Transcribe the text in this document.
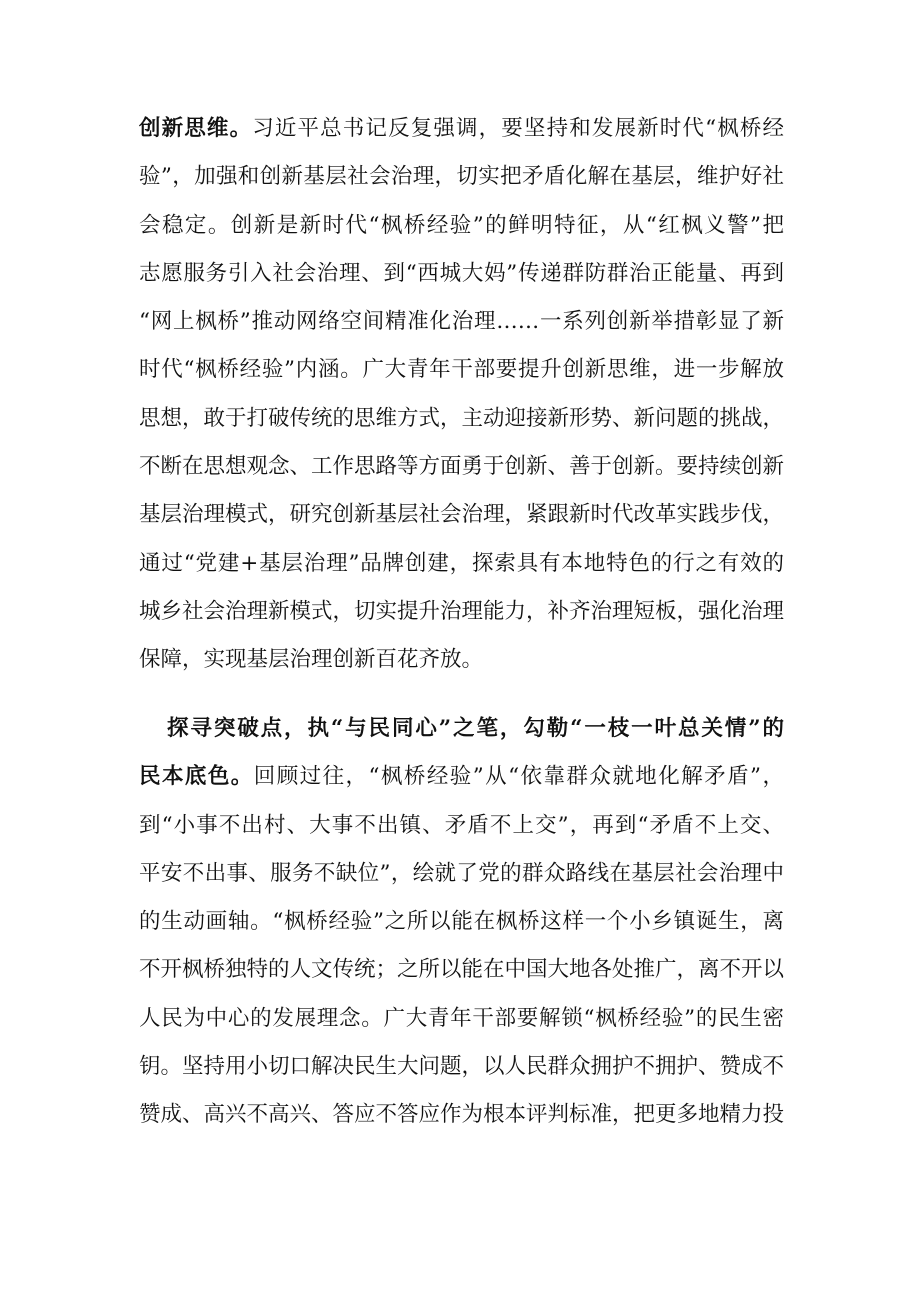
创新思维。习近平总书记反复强调，要坚持和发展新时代“枫桥经
验”，加强和创新基层社会治理，切实把矛盾化解在基层，维护好社
会稳定。创新是新时代“枫桥经验”的鲜明特征，从“红枫义警”把
志愿服务引入社会治理、到“西城大妈”传递群防群治正能量、再到
“网上枫桥”推动网络空间精准化治理……一系列创新举措彰显了新
时代“枫桥经验”内涵。广大青年干部要提升创新思维，进一步解放
思想，敢于打破传统的思维方式，主动迎接新形势、新问题的挑战，
不断在思想观念、工作思路等方面勇于创新、善于创新。要持续创新
基层治理模式，研究创新基层社会治理，紧跟新时代改革实践步伐，
通过“党建+基层治理”品牌创建，探索具有本地特色的行之有效的
城乡社会治理新模式，切实提升治理能力，补齐治理短板，强化治理
保障，实现基层治理创新百花齐放。
探寻突破点，执“与民同心”之笔，勾勒“一枝一叶总关情”的
民本底色。回顾过往，“枫桥经验”从“依靠群众就地化解矛盾”，
到“小事不出村、大事不出镇、矛盾不上交”，再到“矛盾不上交、
平安不出事、服务不缺位”，绘就了党的群众路线在基层社会治理中
的生动画轴。“枫桥经验”之所以能在枫桥这样一个小乡镇诞生，离
不开枫桥独特的人文传统；之所以能在中国大地各处推广，离不开以
人民为中心的发展理念。广大青年干部要解锁“枫桥经验”的民生密
钥。坚持用小切口解决民生大问题，以人民群众拥护不拥护、赞成不
赞成、高兴不高兴、答应不答应作为根本评判标准，把更多地精力投
